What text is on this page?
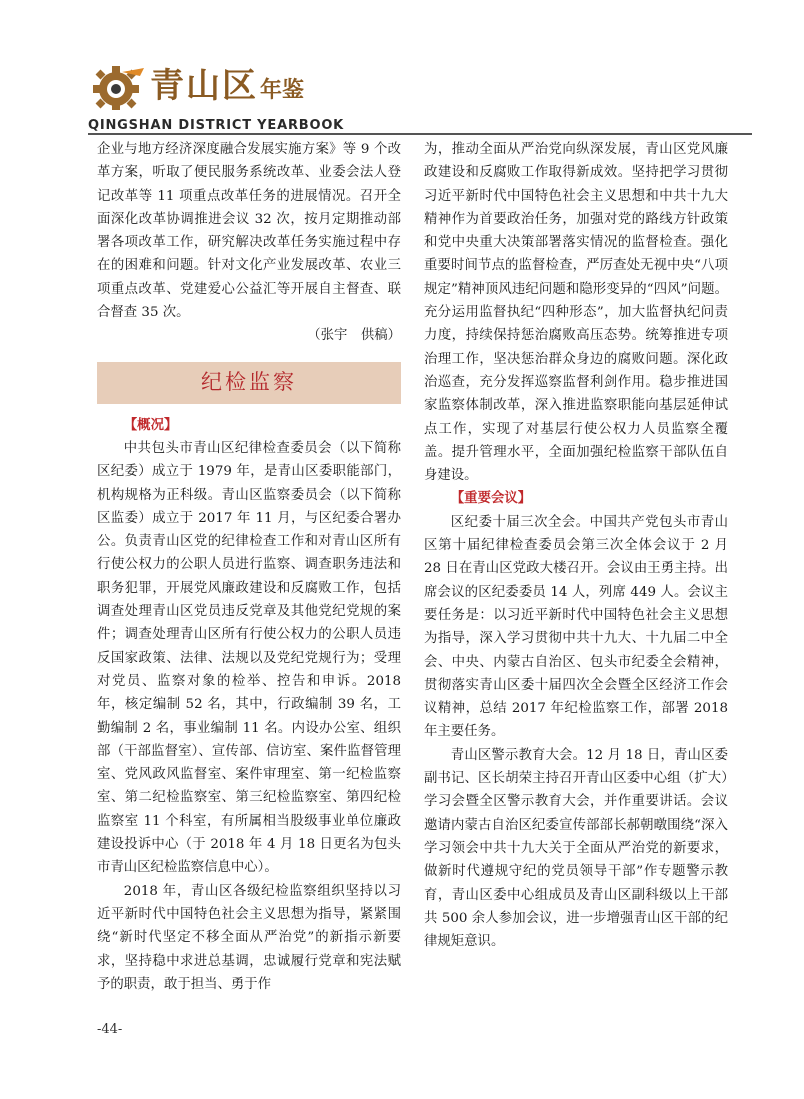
青山区年鉴
QINGSHAN DISTRICT YEARBOOK

企业与地方经济深度融合发展实施方案》等 9 个改革方案，听取了便民服务系统改革、业委会法人登记改革等 11 项重点改革任务的进展情况。召开全面深化改革协调推进会议 32 次，按月定期推动部署各项改革工作，研究解决改革任务实施过程中存在的困难和问题。针对文化产业发展改革、农业三项重点改革、党建爱心公益汇等开展自主督查、联合督查 35 次。

（张宇　供稿）

纪检监察

【概况】

中共包头市青山区纪律检查委员会（以下简称区纪委）成立于 1979 年，是青山区委职能部门，机构规格为正科级。青山区监察委员会（以下简称区监委）成立于 2017 年 11 月，与区纪委合署办公。负责青山区党的纪律检查工作和对青山区所有行使公权力的公职人员进行监察、调查职务违法和职务犯罪，开展党风廉政建设和反腐败工作，包括调查处理青山区党员违反党章及其他党纪党规的案件；调查处理青山区所有行使公权力的公职人员违反国家政策、法律、法规以及党纪党规行为；受理对党员、监察对象的检举、控告和申诉。2018 年，核定编制 52 名，其中，行政编制 39 名，工勤编制 2 名，事业编制 11 名。内设办公室、组织部（干部监督室）、宣传部、信访室、案件监督管理室、党风政风监督室、案件审理室、第一纪检监察室、第二纪检监察室、第三纪检监察室、第四纪检监察室 11 个科室，有所属相当股级事业单位廉政建设投诉中心（于 2018 年 4 月 18 日更名为包头市青山区纪检监察信息中心）。

2018 年，青山区各级纪检监察组织坚持以习近平新时代中国特色社会主义思想为指导，紧紧围绕“新时代坚定不移全面从严治党”的新指示新要求，坚持稳中求进总基调，忠诚履行党章和宪法赋予的职责，敢于担当、勇于作

为，推动全面从严治党向纵深发展，青山区党风廉政建设和反腐败工作取得新成效。坚持把学习贯彻习近平新时代中国特色社会主义思想和中共十九大精神作为首要政治任务，加强对党的路线方针政策和党中央重大决策部署落实情况的监督检查。强化重要时间节点的监督检查，严厉查处无视中央“八项规定”精神顶风违纪问题和隐形变异的“四风”问题。充分运用监督执纪“四种形态”，加大监督执纪问责力度，持续保持惩治腐败高压态势。统筹推进专项治理工作，坚决惩治群众身边的腐败问题。深化政治巡查，充分发挥巡察监督利剑作用。稳步推进国家监察体制改革，深入推进监察职能向基层延伸试点工作，实现了对基层行使公权力人员监察全覆盖。提升管理水平，全面加强纪检监察干部队伍自身建设。

【重要会议】

区纪委十届三次全会。中国共产党包头市青山区第十届纪律检查委员会第三次全体会议于 2 月 28 日在青山区党政大楼召开。会议由王勇主持。出席会议的区纪委委员 14 人，列席 449 人。会议主要任务是：以习近平新时代中国特色社会主义思想为指导，深入学习贯彻中共十九大、十九届二中全会、中央、内蒙古自治区、包头市纪委全会精神，贯彻落实青山区委十届四次全会暨全区经济工作会议精神，总结 2017 年纪检监察工作，部署 2018 年主要任务。

青山区警示教育大会。12 月 18 日，青山区委副书记、区长胡荣主持召开青山区委中心组（扩大）学习会暨全区警示教育大会，并作重要讲话。会议邀请内蒙古自治区纪委宣传部部长郝朝暾围绕“深入学习领会中共十九大关于全面从严治党的新要求，做新时代遵规守纪的党员领导干部”作专题警示教育，青山区委中心组成员及青山区副科级以上干部共 500 余人参加会议，进一步增强青山区干部的纪律规矩意识。

-44-
